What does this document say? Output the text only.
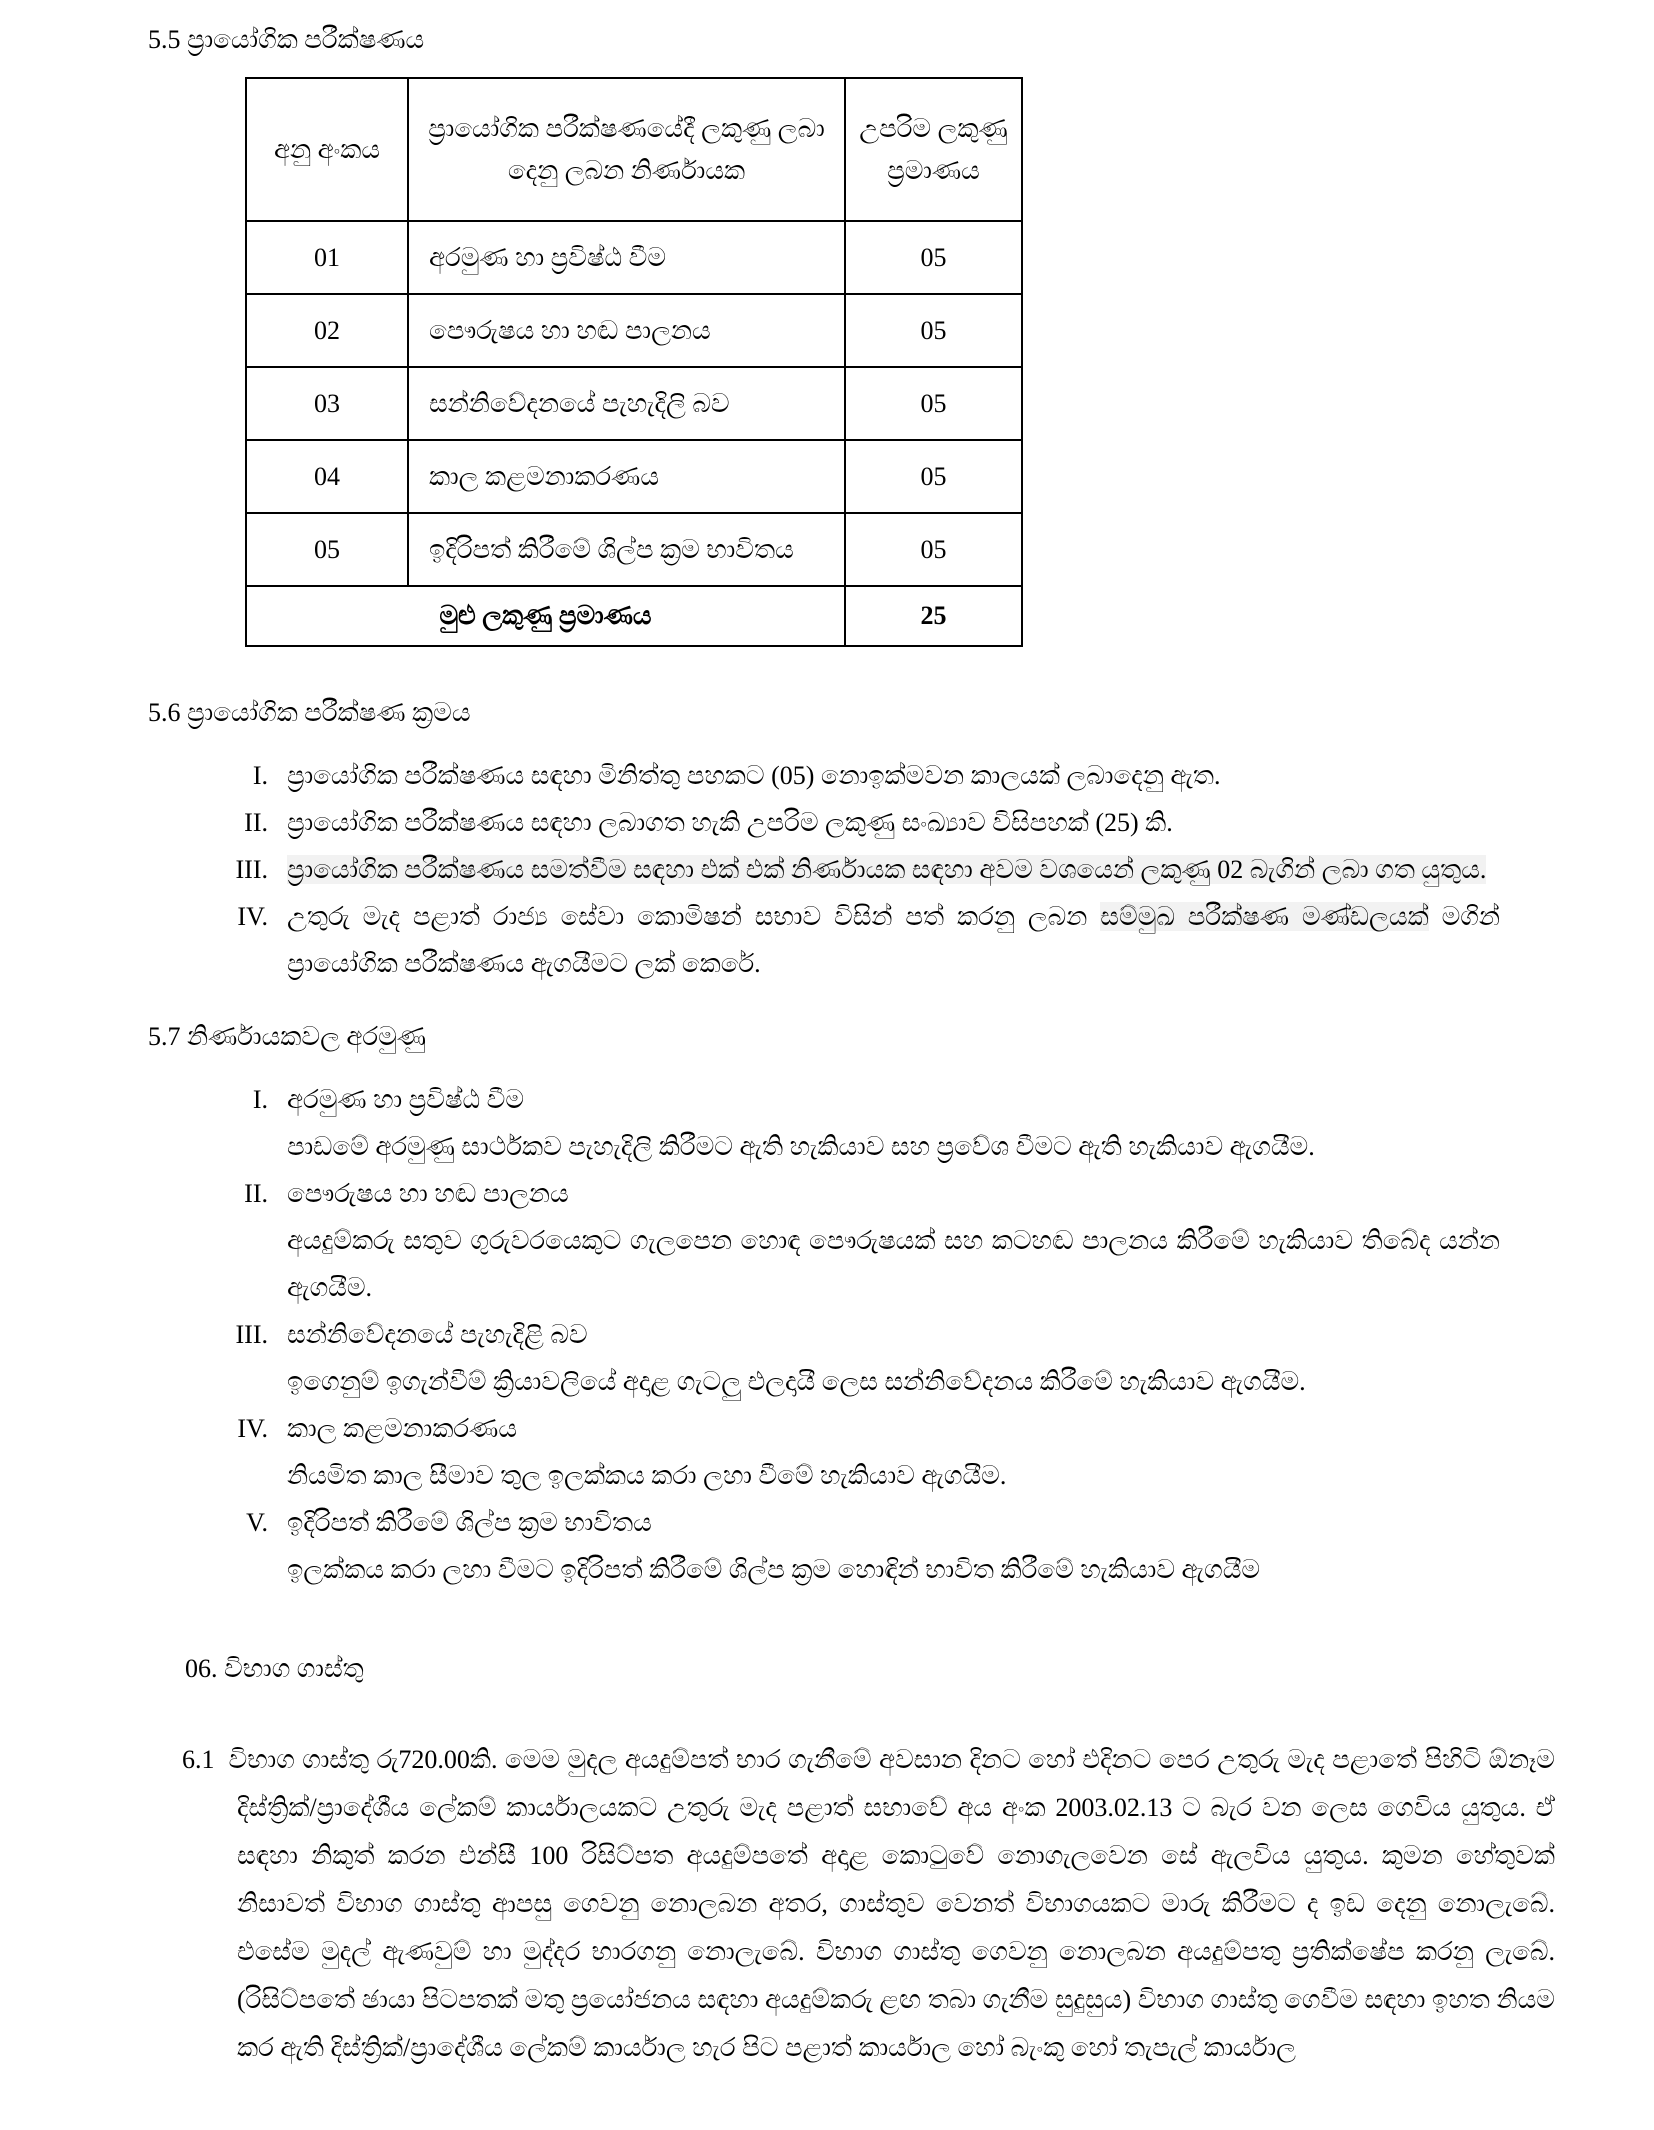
5.5 ප්‍රායෝගික පරීක්ෂණය
අනු අංකය	ප්‍රායෝගික පරීක්ෂණයේදී ලකුණු ලබා දෙනු ලබන නිර්ණායක	උපරිම ලකුණු ප්‍රමාණය
01	අරමුණ හා ප්‍රවිෂ්ඨ වීම	05
02	පෞරුෂය හා හඬ පාලනය	05
03	සන්නිවේදනයේ පැහැදිලි බව	05
04	කාල කළමනාකරණය	05
05	ඉදිරිපත් කිරීමේ ශිල්ප ක්‍රම භාවිතය	05
මුළු ලකුණු ප්‍රමාණය		25
5.6 ප්‍රායෝගික පරීක්ෂණ ක්‍රමය
I. ප්‍රායෝගික පරීක්ෂණය සඳහා මිනිත්තු පහකට (05) නොඉක්මවන කාලයක් ලබාදෙනු ඇත.
II. ප්‍රායෝගික පරීක්ෂණය සඳහා ලබාගත හැකි උපරිම ලකුණු සංඛ්‍යාව විසිපහක් (25) කි.
III. ප්‍රායෝගික පරීක්ෂණය සමත්වීම සඳහා එක් එක් නිර්ණායක සඳහා අවම වශයෙන් ලකුණු 02 බැගින් ලබා ගත යුතුය.
IV. උතුරු මැද පළාත් රාජ්‍ය සේවා කොමිෂන් සභාව විසින් පත් කරනු ලබන සම්මුඛ පරීක්ෂණ මණ්ඩලයක් මගින් ප්‍රායෝගික පරීක්ෂණය ඇගයීමට ලක් කෙරේ.
5.7 නිර්ණායකවල අරමුණු
I. අරමුණ හා ප්‍රවිෂ්ඨ වීම
පාඩමේ අරමුණු සාර්ථකව පැහැදිලි කිරීමට ඇති හැකියාව සහ ප්‍රවේශ වීමට ඇති හැකියාව ඇගයීම.
II. පෞරුෂය හා හඬ පාලනය
අයදුම්කරු සතුව ගුරුවරයෙකුට ගැලපෙන හොඳ පෞරුෂයක් සහ කටහඬ පාලනය කිරීමේ හැකියාව තිබේද යන්න ඇගයීම.
III. සන්නිවේදනයේ පැහැදිළි බව
ඉගෙනුම් ඉගැන්වීම් ක්‍රියාවලියේ අදාළ ගැටලු එලදායී ලෙස සන්නිවේදනය කිරීමේ හැකියාව ඇගයීම.
IV. කාල කළමනාකරණය
නියමිත කාල සීමාව තුල ඉලක්කය කරා ලහා වීමේ හැකියාව ඇගයීම.
V. ඉදිරිපත් කිරීමේ ශිල්ප ක්‍රම භාවිතය
ඉලක්කය කරා ලහා වීමට ඉදිරිපත් කිරීමේ ශිල්ප ක්‍රම හොඳින් භාවිත කිරීමේ හැකියාව ඇගයීම
06. විභාග ගාස්තු
6.1 විභාග ගාස්තු රු720.00කි. මෙම මුදල අයදුම්පත් භාර ගැනීමේ අවසාන දිනට හෝ එදිනට පෙර උතුරු මැද පළාතේ පිහිටි ඕනෑම දිස්ත්‍රික්/ප්‍රාදේශීය ලේකම් කාර්යාලයකට උතුරු මැද පළාත් සභාවේ අය අංක 2003.02.13 ට බැර වන ලෙස ගෙවිය යුතුය. ඒ සඳහා නිකුත් කරන එන්සී 100 රිසිට්පත අයදුම්පතේ අදාළ කොටුවේ නොගැලවෙන සේ ඇලවිය යුතුය. කුමන හේතුවක් නිසාවත් විභාග ගාස්තු ආපසු ගෙවනු නොලබන අතර, ගාස්තුව වෙනත් විභාගයකට මාරු කිරීමට ද ඉඩ දෙනු නොලැබේ. එසේම මුදල් ඇණවුම් හා මුද්දර භාරගනු නොලැබේ. විභාග ගාස්තු ගෙවනු නොලබන අයදුම්පතු ප්‍රතික්ෂේප කරනු ලැබේ. (රිසිට්පතේ ඡායා පිටපතක් මතු ප්‍රයෝජනය සඳහා අයදුම්කරු ළඟ තබා ගැනීම සුදුසුය) විභාග ගාස්තු ගෙවීම සඳහා ඉහත නියම කර ඇති දිස්ත්‍රික්/ප්‍රාදේශීය ලේකම් කාර්යාල හැර පිට පළාත් කාර්යාල හෝ බැංකු හෝ තැපැල් කාර්යාල
